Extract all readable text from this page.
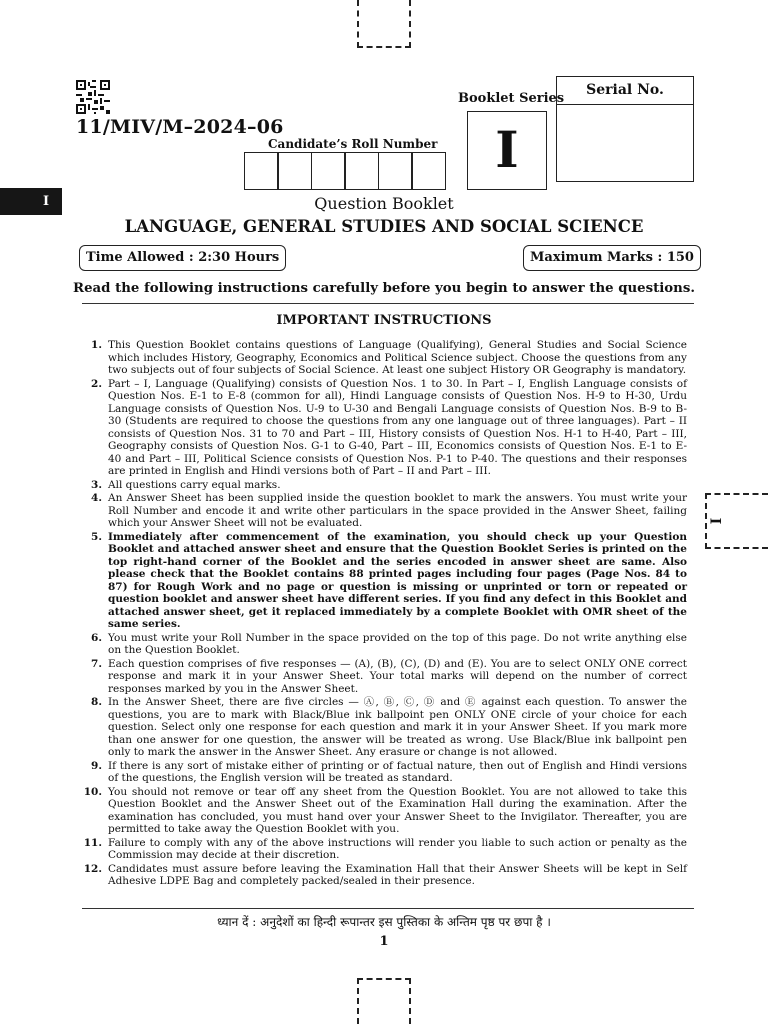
I
11/MIV/M–2024–06
Booklet Series
Serial No.
I
Candidate’s Roll Number
I	Question Booklet
LANGUAGE, GENERAL STUDIES AND SOCIAL SCIENCE
Time Allowed : 2:30 Hours	Maximum Marks : 150
Read the following instructions carefully before you begin to answer the questions.
IMPORTANT INSTRUCTIONS
1. This Question Booklet contains questions of Language (Qualifying), General Studies and Social Science which includes History, Geography, Economics and Political Science subject. Choose the questions from any two subjects out of four subjects of Social Science. At least one subject History OR Geography is mandatory.
2. Part – I, Language (Qualifying) consists of Question Nos. 1 to 30. In Part – I, English Language consists of Question Nos. E-1 to E-8 (common for all), Hindi Language consists of Question Nos. H-9 to H-30, Urdu Language consists of Question Nos. U-9 to U-30 and Bengali Language consists of Question Nos. B-9 to B-30 (Students are required to choose the questions from any one language out of three languages). Part – II consists of Question Nos. 31 to 70 and Part – III, History consists of Question Nos. H-1 to H-40, Part – III, Geography consists of Question Nos. G-1 to G-40, Part – III, Economics consists of Question Nos. E-1 to E-40 and Part – III, Political Science consists of Question Nos. P-1 to P-40. The questions and their responses are printed in English and Hindi versions both of Part – II and Part – III.
3. All questions carry equal marks.
4. An Answer Sheet has been supplied inside the question booklet to mark the answers. You must write your Roll Number and encode it and write other particulars in the space provided in the Answer Sheet, failing which your Answer Sheet will not be evaluated.
5. Immediately after commencement of the examination, you should check up your Question Booklet and attached answer sheet and ensure that the Question Booklet Series is printed on the top right-hand corner of the Booklet and the series encoded in answer sheet are same. Also please check that the Booklet contains 88 printed pages including four pages (Page Nos. 84 to 87) for Rough Work and no page or question is missing or unprinted or torn or repeated or question booklet and answer sheet have different series. If you find any defect in this Booklet and attached answer sheet, get it replaced immediately by a complete Booklet with OMR sheet of the same series.
6. You must write your Roll Number in the space provided on the top of this page. Do not write anything else on the Question Booklet.
7. Each question comprises of five responses — (A), (B), (C), (D) and (E). You are to select ONLY ONE correct response and mark it in your Answer Sheet. Your total marks will depend on the number of correct responses marked by you in the Answer Sheet.
8. In the Answer Sheet, there are five circles — Ⓐ, Ⓑ, Ⓒ, Ⓓ and Ⓔ against each question. To answer the questions, you are to mark with Black/Blue ink ballpoint pen ONLY ONE circle of your choice for each question. Select only one response for each question and mark it in your Answer Sheet. If you mark more than one answer for one question, the answer will be treated as wrong. Use Black/Blue ink ballpoint pen only to mark the answer in the Answer Sheet. Any erasure or change is not allowed.
9. If there is any sort of mistake either of printing or of factual nature, then out of English and Hindi versions of the questions, the English version will be treated as standard.
10. You should not remove or tear off any sheet from the Question Booklet. You are not allowed to take this Question Booklet and the Answer Sheet out of the Examination Hall during the examination. After the examination has concluded, you must hand over your Answer Sheet to the Invigilator. Thereafter, you are permitted to take away the Question Booklet with you.
11. Failure to comply with any of the above instructions will render you liable to such action or penalty as the Commission may decide at their discretion.
12. Candidates must assure before leaving the Examination Hall that their Answer Sheets will be kept in Self Adhesive LDPE Bag and completely packed/sealed in their presence.
ध्यान दें : अनुदेशों का हिन्दी रूपान्तर इस पुस्तिका के अन्तिम पृष्ठ पर छपा है ।
1
